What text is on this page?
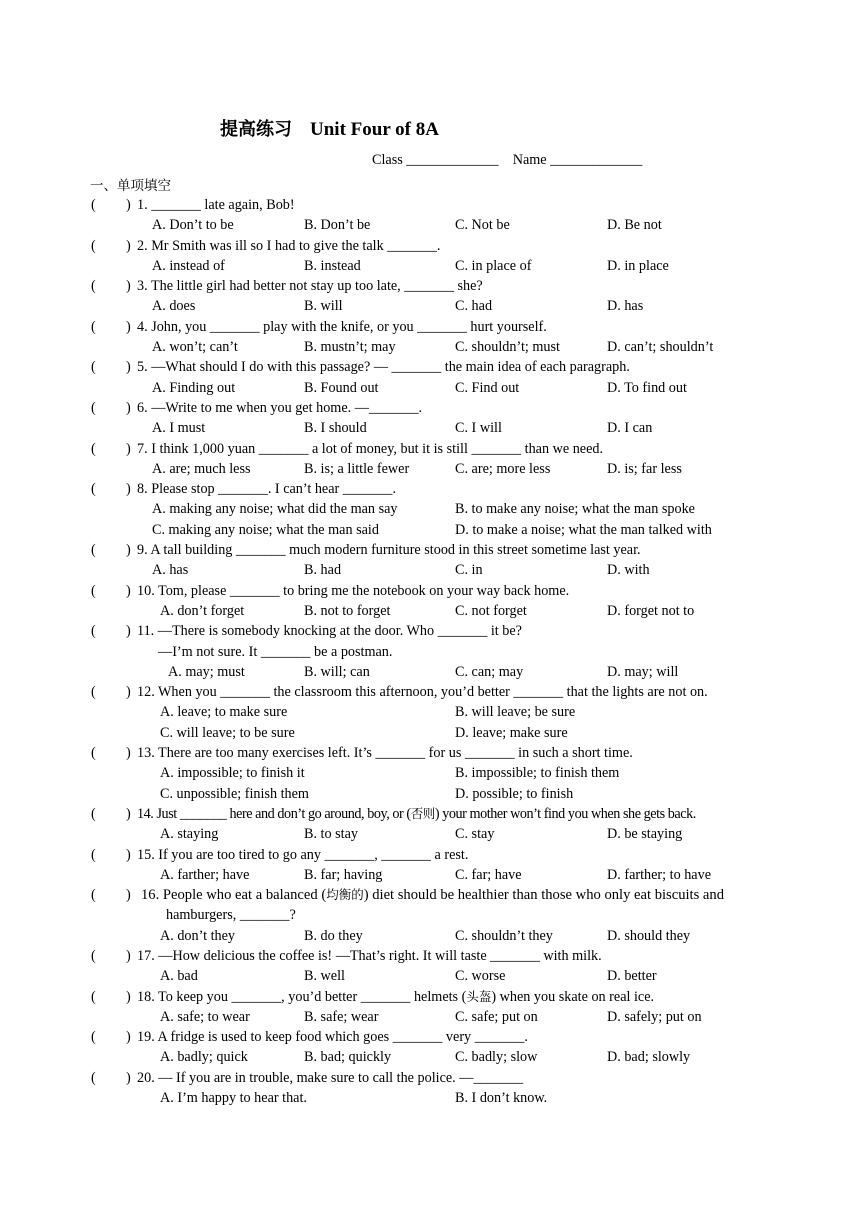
提高练习 Unit Four of 8A
Class _____________    Name _____________
一、单项填空
( ) 1. _______ late again, Bob!
A. Don’t to be	B. Don’t be	C. Not be	D. Be not
( ) 2. Mr Smith was ill so I had to give the talk _______.
A. instead of	B. instead	C. in place of	D. in place
( ) 3. The little girl had better not stay up too late, _______ she?
A. does	B. will	C. had	D. has
( ) 4. John, you _______ play with the knife, or you _______ hurt yourself.
A. won’t; can’t	B. mustn’t; may	C. shouldn’t; must	D. can’t; shouldn’t
( ) 5. —What should I do with this passage? — _______ the main idea of each paragraph.
A. Finding out	B. Found out	C. Find out	D. To find out
( ) 6. —Write to me when you get home. —_______.
A. I must	B. I should	C. I will	D. I can
( ) 7. I think 1,000 yuan _______ a lot of money, but it is still _______ than we need.
A. are; much less	B. is; a little fewer	C. are; more less	D. is; far less
( ) 8. Please stop _______. I can’t hear _______.
A. making any noise; what did the man say	B. to make any noise; what the man spoke
C. making any noise; what the man said	D. to make a noise; what the man talked with
( ) 9. A tall building _______ much modern furniture stood in this street sometime last year.
A. has	B. had	C. in	D. with
( ) 10. Tom, please _______ to bring me the notebook on your way back home.
A. don’t forget	B. not to forget	C. not forget	D. forget not to
( ) 11. —There is somebody knocking at the door. Who _______ it be?
—I’m not sure. It _______ be a postman.
A. may; must	B. will; can	C. can; may	D. may; will
( ) 12. When you _______ the classroom this afternoon, you’d better _______ that the lights are not on.
A. leave; to make sure	B. will leave; be sure
C. will leave; to be sure	D. leave; make sure
( ) 13. There are too many exercises left. It’s _______ for us _______ in such a short time.
A. impossible; to finish it	B. impossible; to finish them
C. unpossible; finish them	D. possible; to finish
( ) 14. Just _______ here and don’t go around, boy, or (否则) your mother won’t find you when she gets back.
A. staying	B. to stay	C. stay	D. be staying
( ) 15. If you are too tired to go any _______, _______ a rest.
A. farther; have	B. far; having	C. far; have	D. farther; to have
( ) 16. People who eat a balanced (均衡的) diet should be healthier than those who only eat biscuits and
hamburgers, _______?
A. don’t they	B. do they	C. shouldn’t they	D. should they
( ) 17. —How delicious the coffee is! —That’s right. It will taste _______ with milk.
A. bad	B. well	C. worse	D. better
( ) 18. To keep you _______, you’d better _______ helmets (头盔) when you skate on real ice.
A. safe; to wear	B. safe; wear	C. safe; put on	D. safely; put on
( ) 19. A fridge is used to keep food which goes _______ very _______.
A. badly; quick	B. bad; quickly	C. badly; slow	D. bad; slowly
( ) 20. — If you are in trouble, make sure to call the police. —_______
A. I’m happy to hear that.	B. I don’t know.
